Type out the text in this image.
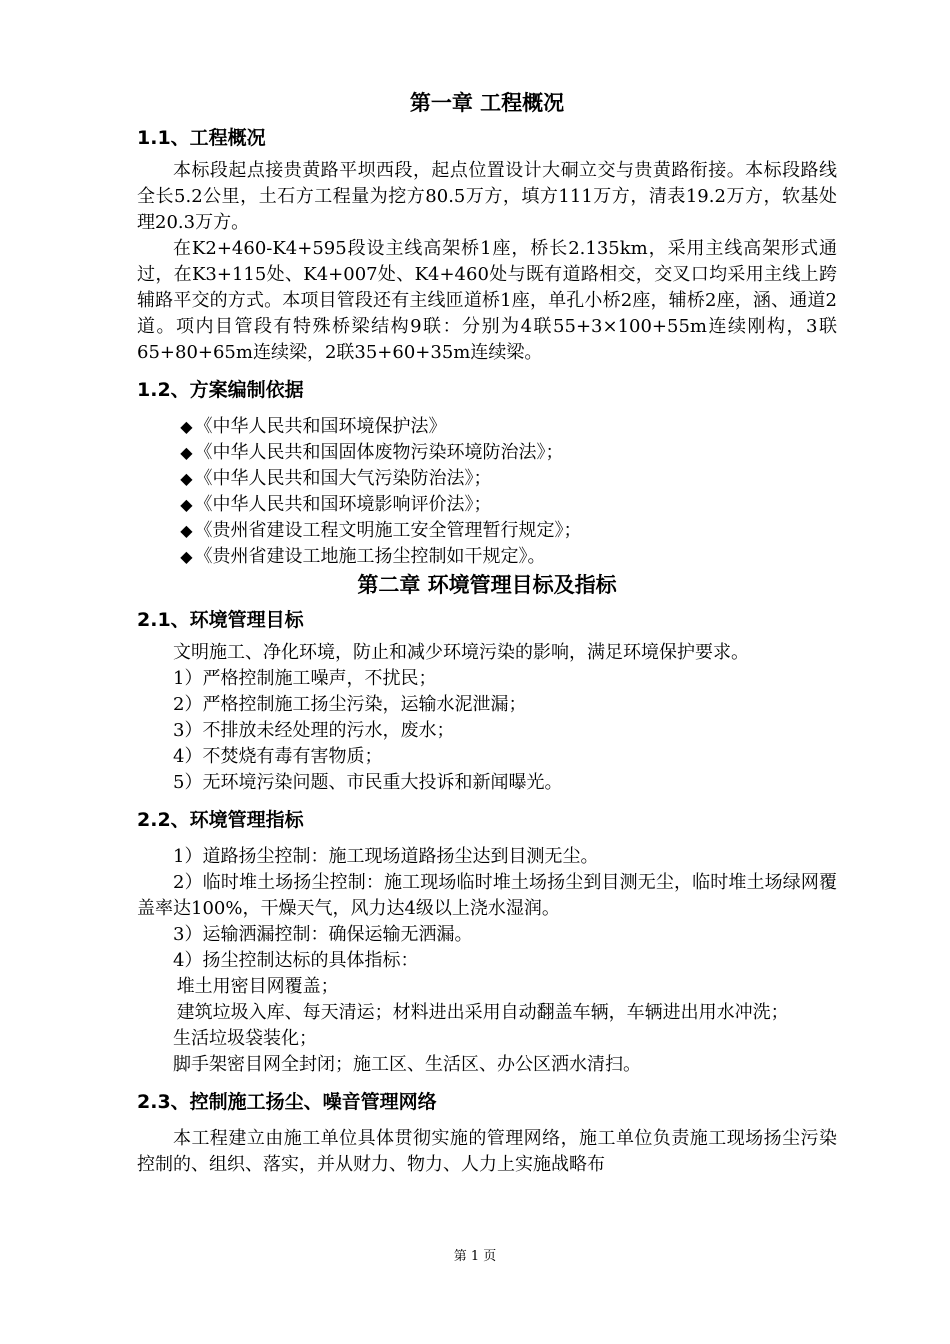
第一章 工程概况
1.1、工程概况

本标段起点接贵黄路平坝西段，起点位置设计大硐立交与贵黄路衔接。本标段路线全长5.2公里，土石方工程量为挖方80.5万方，填方111万方，清表19.2万方，软基处理20.3万方。

在K2+460-K4+595段设主线高架桥1座，桥长2.135km，采用主线高架形式通过，在K3+115处、K4+007处、K4+460处与既有道路相交，交叉口均采用主线上跨辅路平交的方式。本项目管段还有主线匝道桥1座，单孔小桥2座，辅桥2座，涵、通道2道。项内目管段有特殊桥梁结构9联：分别为4联55+3×100+55m连续刚构，3联65+80+65m连续梁，2联35+60+35m连续梁。

1.2、方案编制依据
◆ 《中华人民共和国环境保护法》
◆ 《中华人民共和国固体废物污染环境防治法》；
◆ 《中华人民共和国大气污染防治法》；
◆ 《中华人民共和国环境影响评价法》；
◆ 《贵州省建设工程文明施工安全管理暂行规定》；
◆ 《贵州省建设工地施工扬尘控制如干规定》。
第二章 环境管理目标及指标
2.1、环境管理目标

文明施工、净化环境，防止和减少环境污染的影响，满足环境保护要求。

1）严格控制施工噪声，不扰民；

2）严格控制施工扬尘污染，运输水泥泄漏；

3）不排放未经处理的污水，废水；

4）不焚烧有毒有害物质；

5）无环境污染问题、市民重大投诉和新闻曝光。

2.2、环境管理指标

1）道路扬尘控制：施工现场道路扬尘达到目测无尘。

2）临时堆土场扬尘控制：施工现场临时堆土场扬尘到目测无尘，临时堆土场绿网覆盖率达100%，干燥天气，风力达4级以上浇水湿润。

3）运输洒漏控制：确保运输无洒漏。

4）扬尘控制达标的具体指标：

堆土用密目网覆盖；

建筑垃圾入库、每天清运；材料进出采用自动翻盖车辆，车辆进出用水冲洗；

生活垃圾袋装化；

脚手架密目网全封闭；施工区、生活区、办公区洒水清扫。

2.3、控制施工扬尘、噪音管理网络

本工程建立由施工单位具体贯彻实施的管理网络，施工单位负责施工现场扬尘污染控制的、组织、落实，并从财力、物力、人力上实施战略布

第 1 页
